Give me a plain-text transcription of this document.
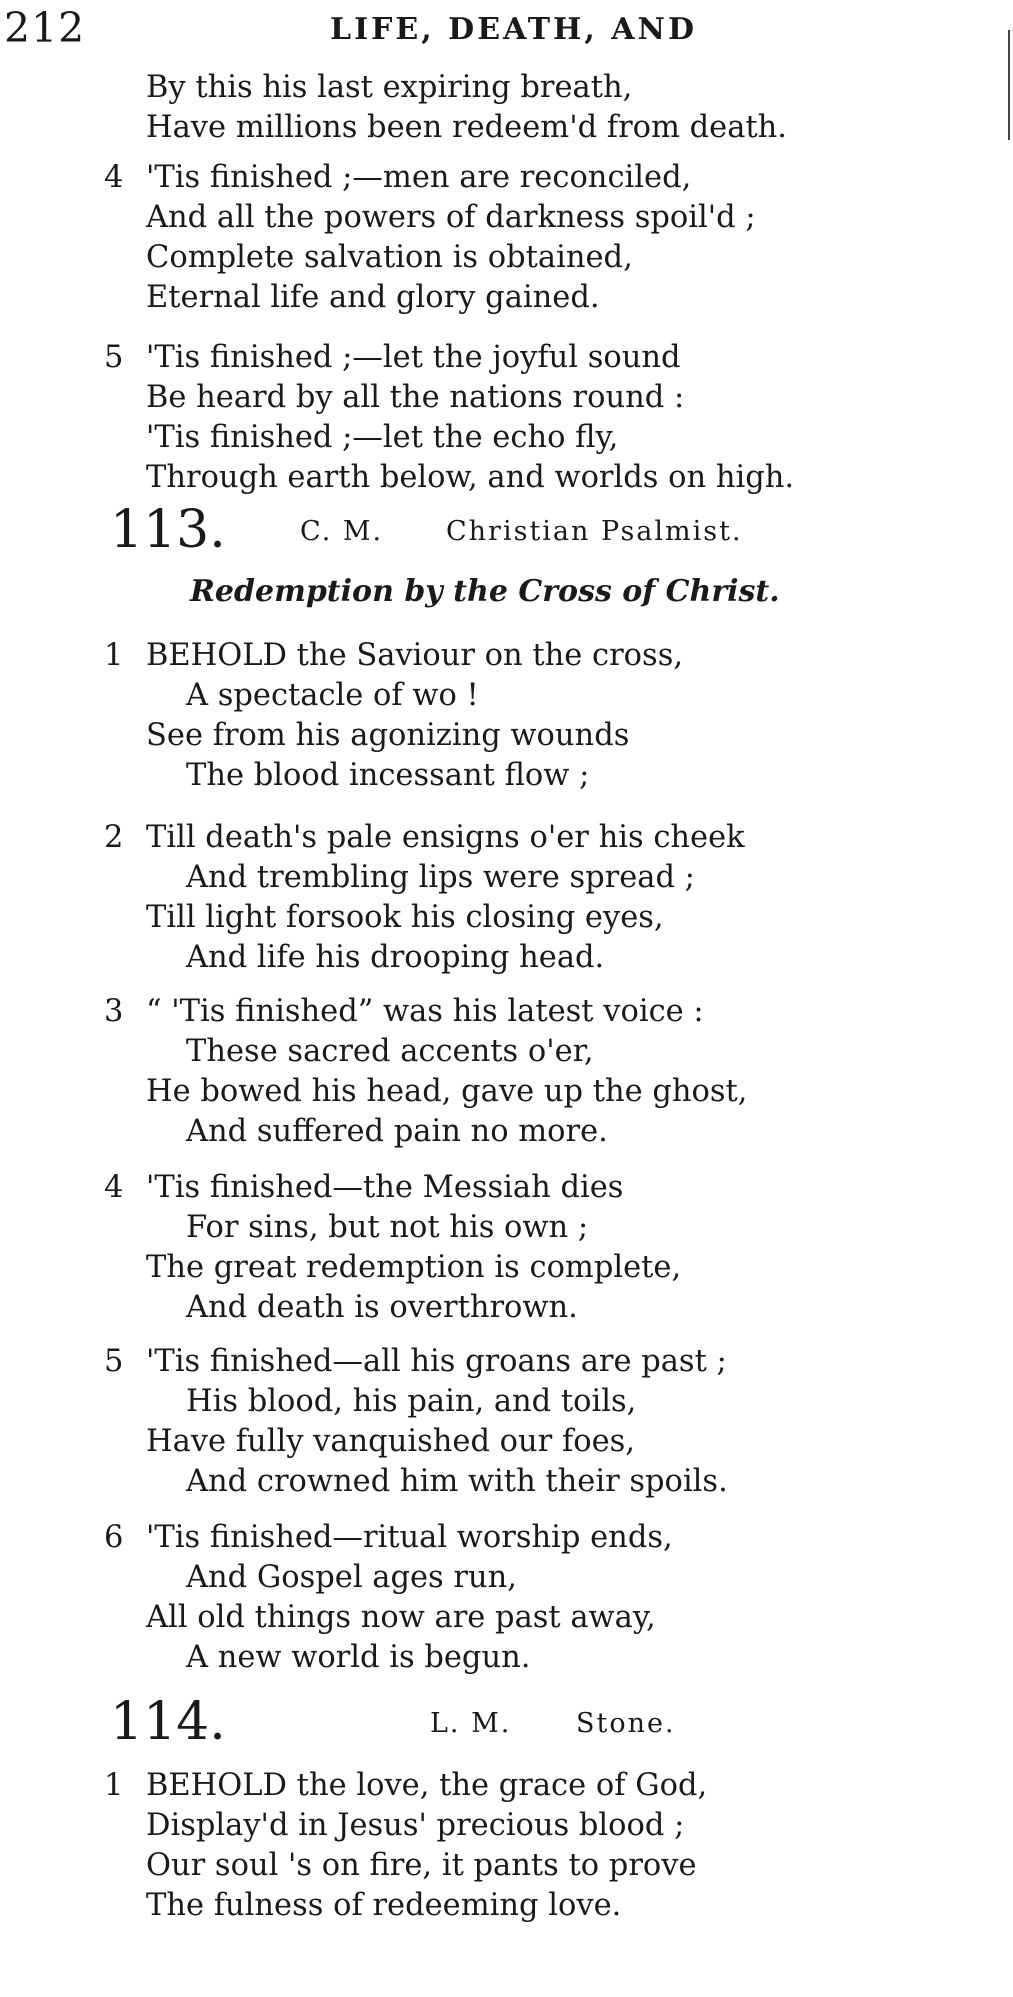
212	LIFE, DEATH, AND
By this his last expiring breath,
Have millions been redeem'd from death.
4 'Tis finished ;—men are reconciled,
And all the powers of darkness spoil'd ;
Complete salvation is obtained,
Eternal life and glory gained.
5 'Tis finished ;—let the joyful sound
Be heard by all the nations round :
'Tis finished ;—let the echo fly,
Through earth below, and worlds on high.
113.	C. M. Christian Psalmist.
Redemption by the Cross of Christ.
1 BEHOLD the Saviour on the cross,
A spectacle of wo !
See from his agonizing wounds
The blood incessant flow ;
2 Till death's pale ensigns o'er his cheek
And trembling lips were spread ;
Till light forsook his closing eyes,
And life his drooping head.
3 “ 'Tis finished” was his latest voice :
These sacred accents o'er,
He bowed his head, gave up the ghost,
And suffered pain no more.
4 'Tis finished—the Messiah dies
For sins, but not his own ;
The great redemption is complete,
And death is overthrown.
5 'Tis finished—all his groans are past ;
His blood, his pain, and toils,
Have fully vanquished our foes,
And crowned him with their spoils.
6 'Tis finished—ritual worship ends,
And Gospel ages run,
All old things now are past away,
A new world is begun.
114.	L. M. Stone.
1 BEHOLD the love, the grace of God,
Display'd in Jesus' precious blood ;
Our soul 's on fire, it pants to prove
The fulness of redeeming love.
